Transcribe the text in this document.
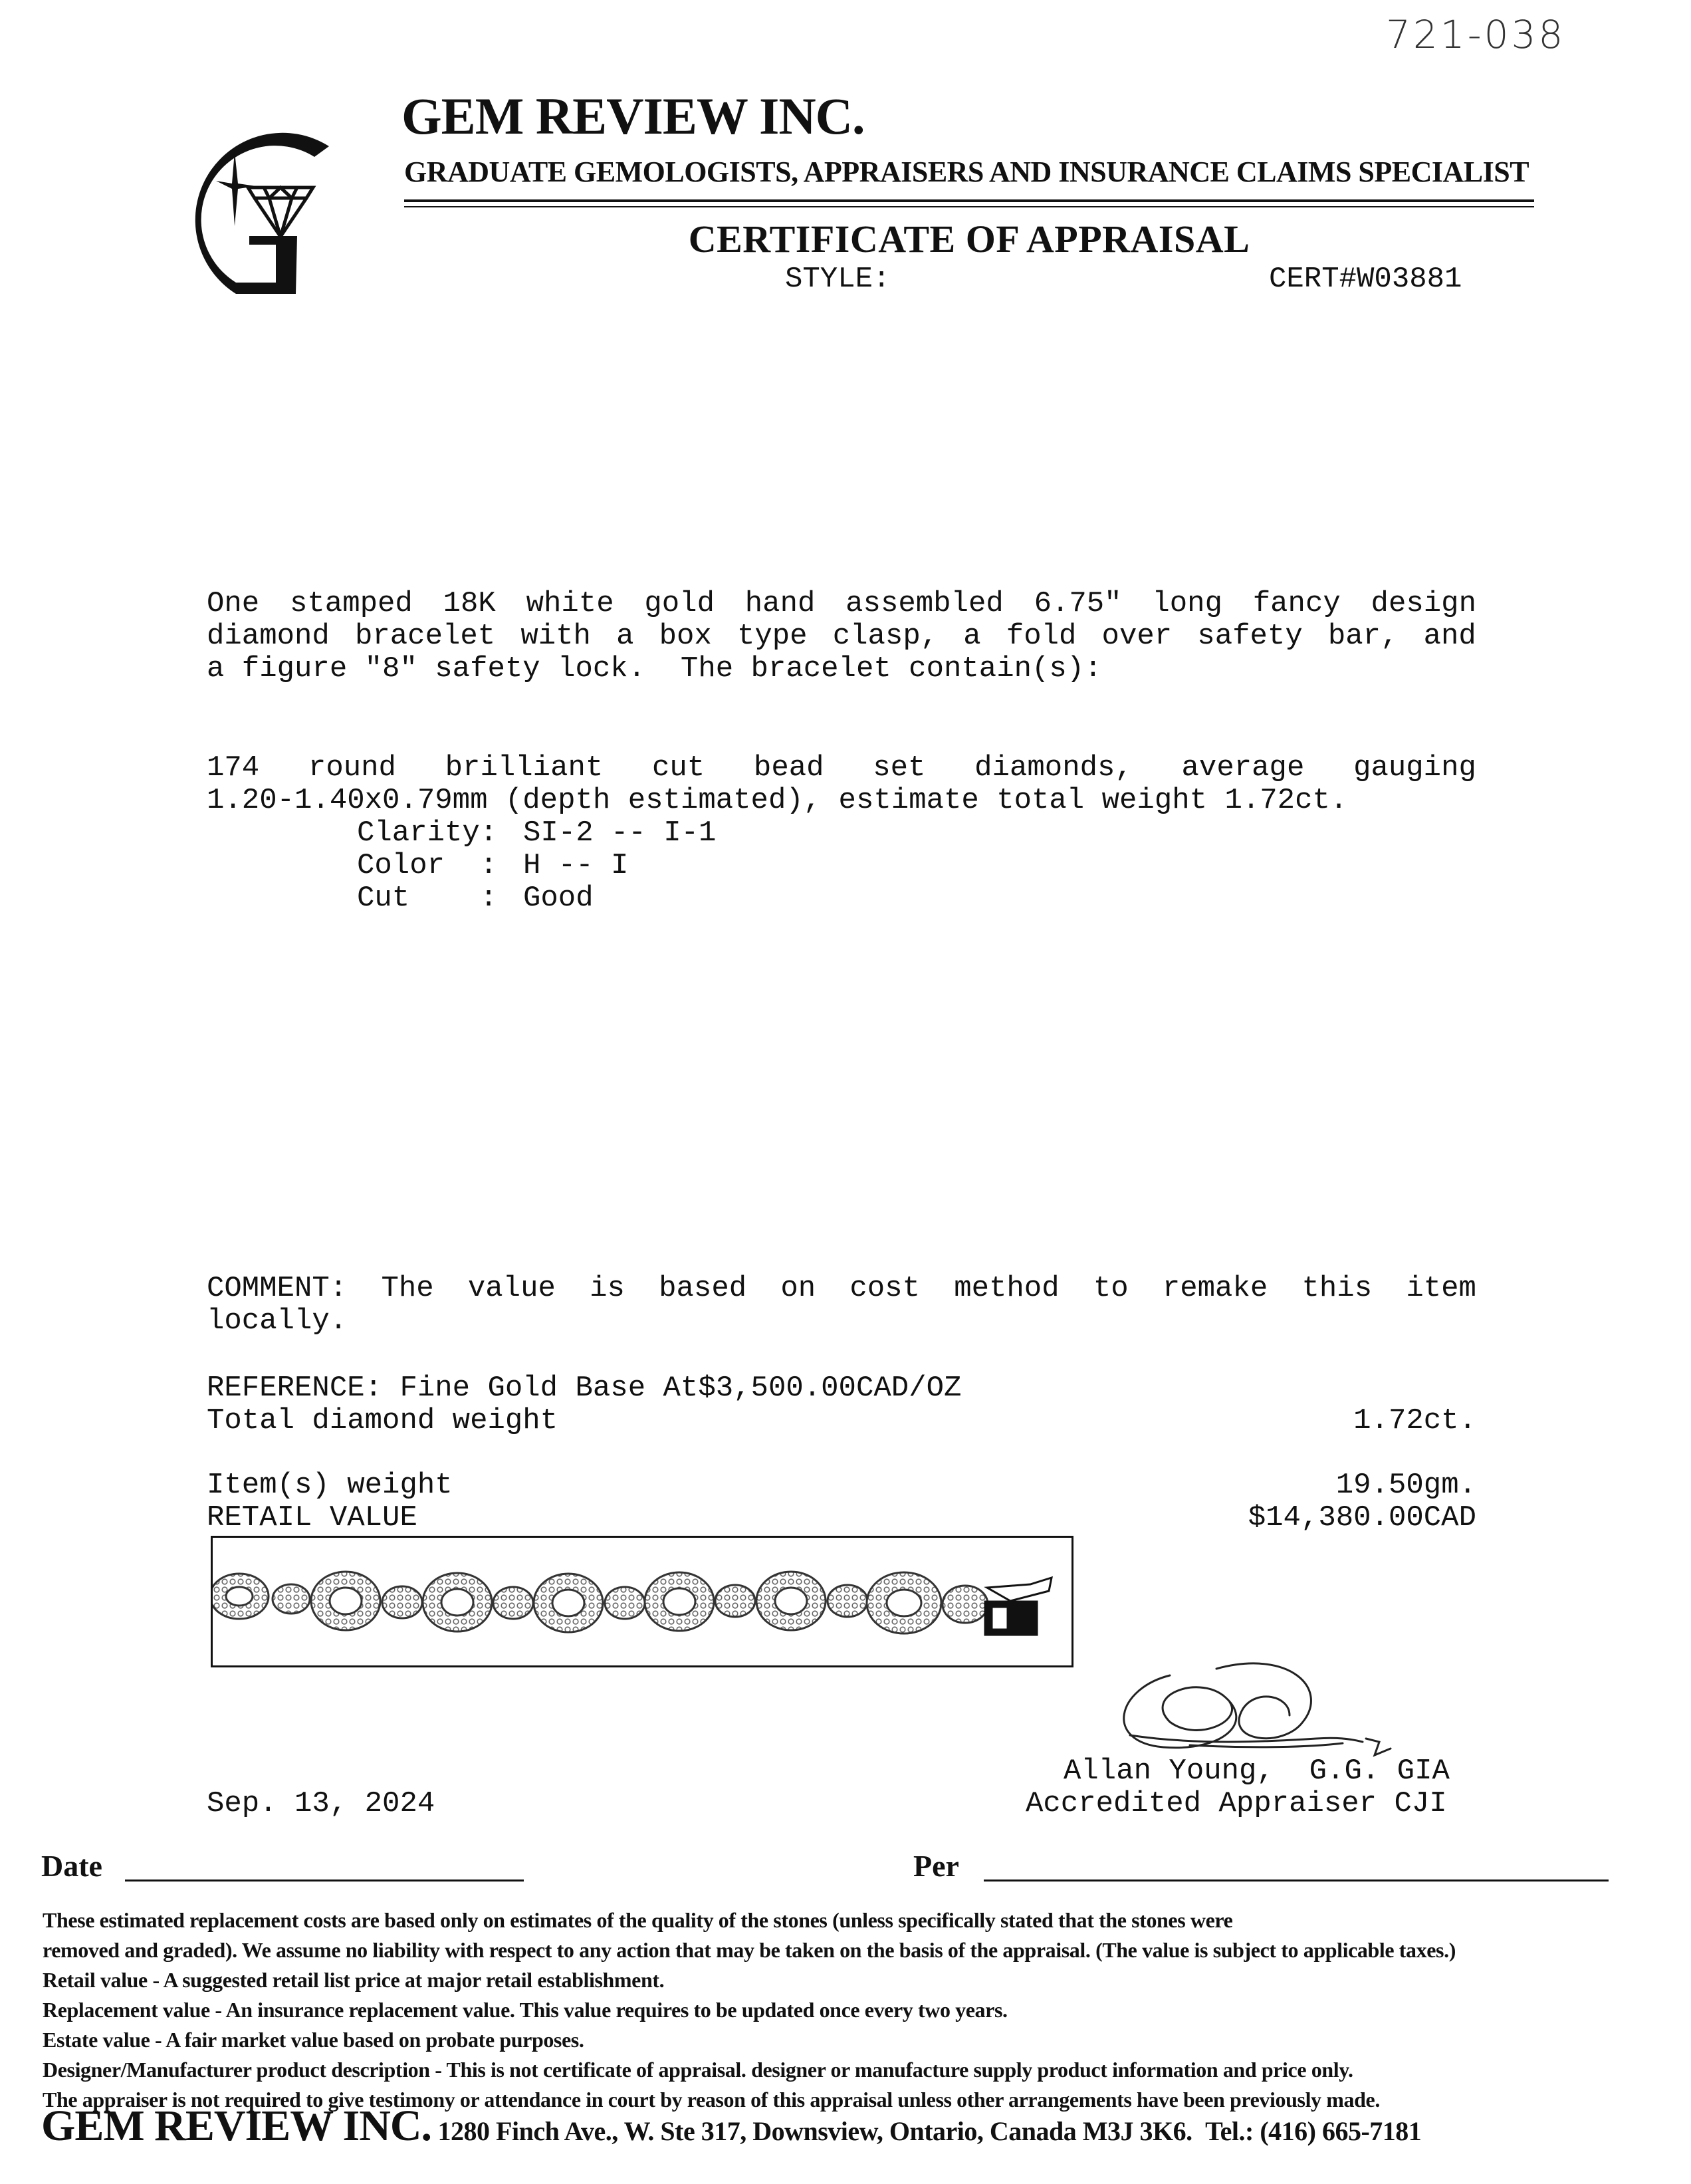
721-038
GEM REVIEW INC.
GRADUATE GEMOLOGISTS, APPRAISERS AND INSURANCE CLAIMS SPECIALIST
CERTIFICATE OF APPRAISAL
STYLE:	CERT#W03881
One stamped 18K white gold hand assembled 6.75" long fancy design
diamond bracelet with a box type clasp, a fold over safety bar, and
a figure "8" safety lock.  The bracelet contain(s):
174 round brilliant cut bead set diamonds, average gauging
1.20-1.40x0.79mm (depth estimated), estimate total weight 1.72ct.
Clarity: SI-2 -- I-1
Color  : H -- I
Cut    : Good
COMMENT: The value is based on cost method to remake this item
locally.
REFERENCE: Fine Gold Base At$3,500.00CAD/OZ
Total diamond weight	1.72ct.
Item(s) weight	19.50gm.
RETAIL VALUE	$14,380.00CAD
Allan Young,  G.G. GIA
Accredited Appraiser CJI
Sep. 13, 2024
Date	Per
These estimated replacement costs are based only on estimates of the quality of the stones (unless specifically stated that the stones were
removed and graded). We assume no liability with respect to any action that may be taken on the basis of the appraisal. (The value is subject to applicable taxes.)
Retail value - A suggested retail list price at major retail establishment.
Replacement value - An insurance replacement value. This value requires to be updated once every two years.
Estate value - A fair market value based on probate purposes.
Designer/Manufacturer product description - This is not certificate of appraisal. designer or manufacture supply product information and price only.
The appraiser is not required to give testimony or attendance in court by reason of this appraisal unless other arrangements have been previously made.
GEM REVIEW INC. 1280 Finch Ave., W. Ste 317, Downsview, Ontario, Canada M3J 3K6. Tel.: (416) 665-7181
